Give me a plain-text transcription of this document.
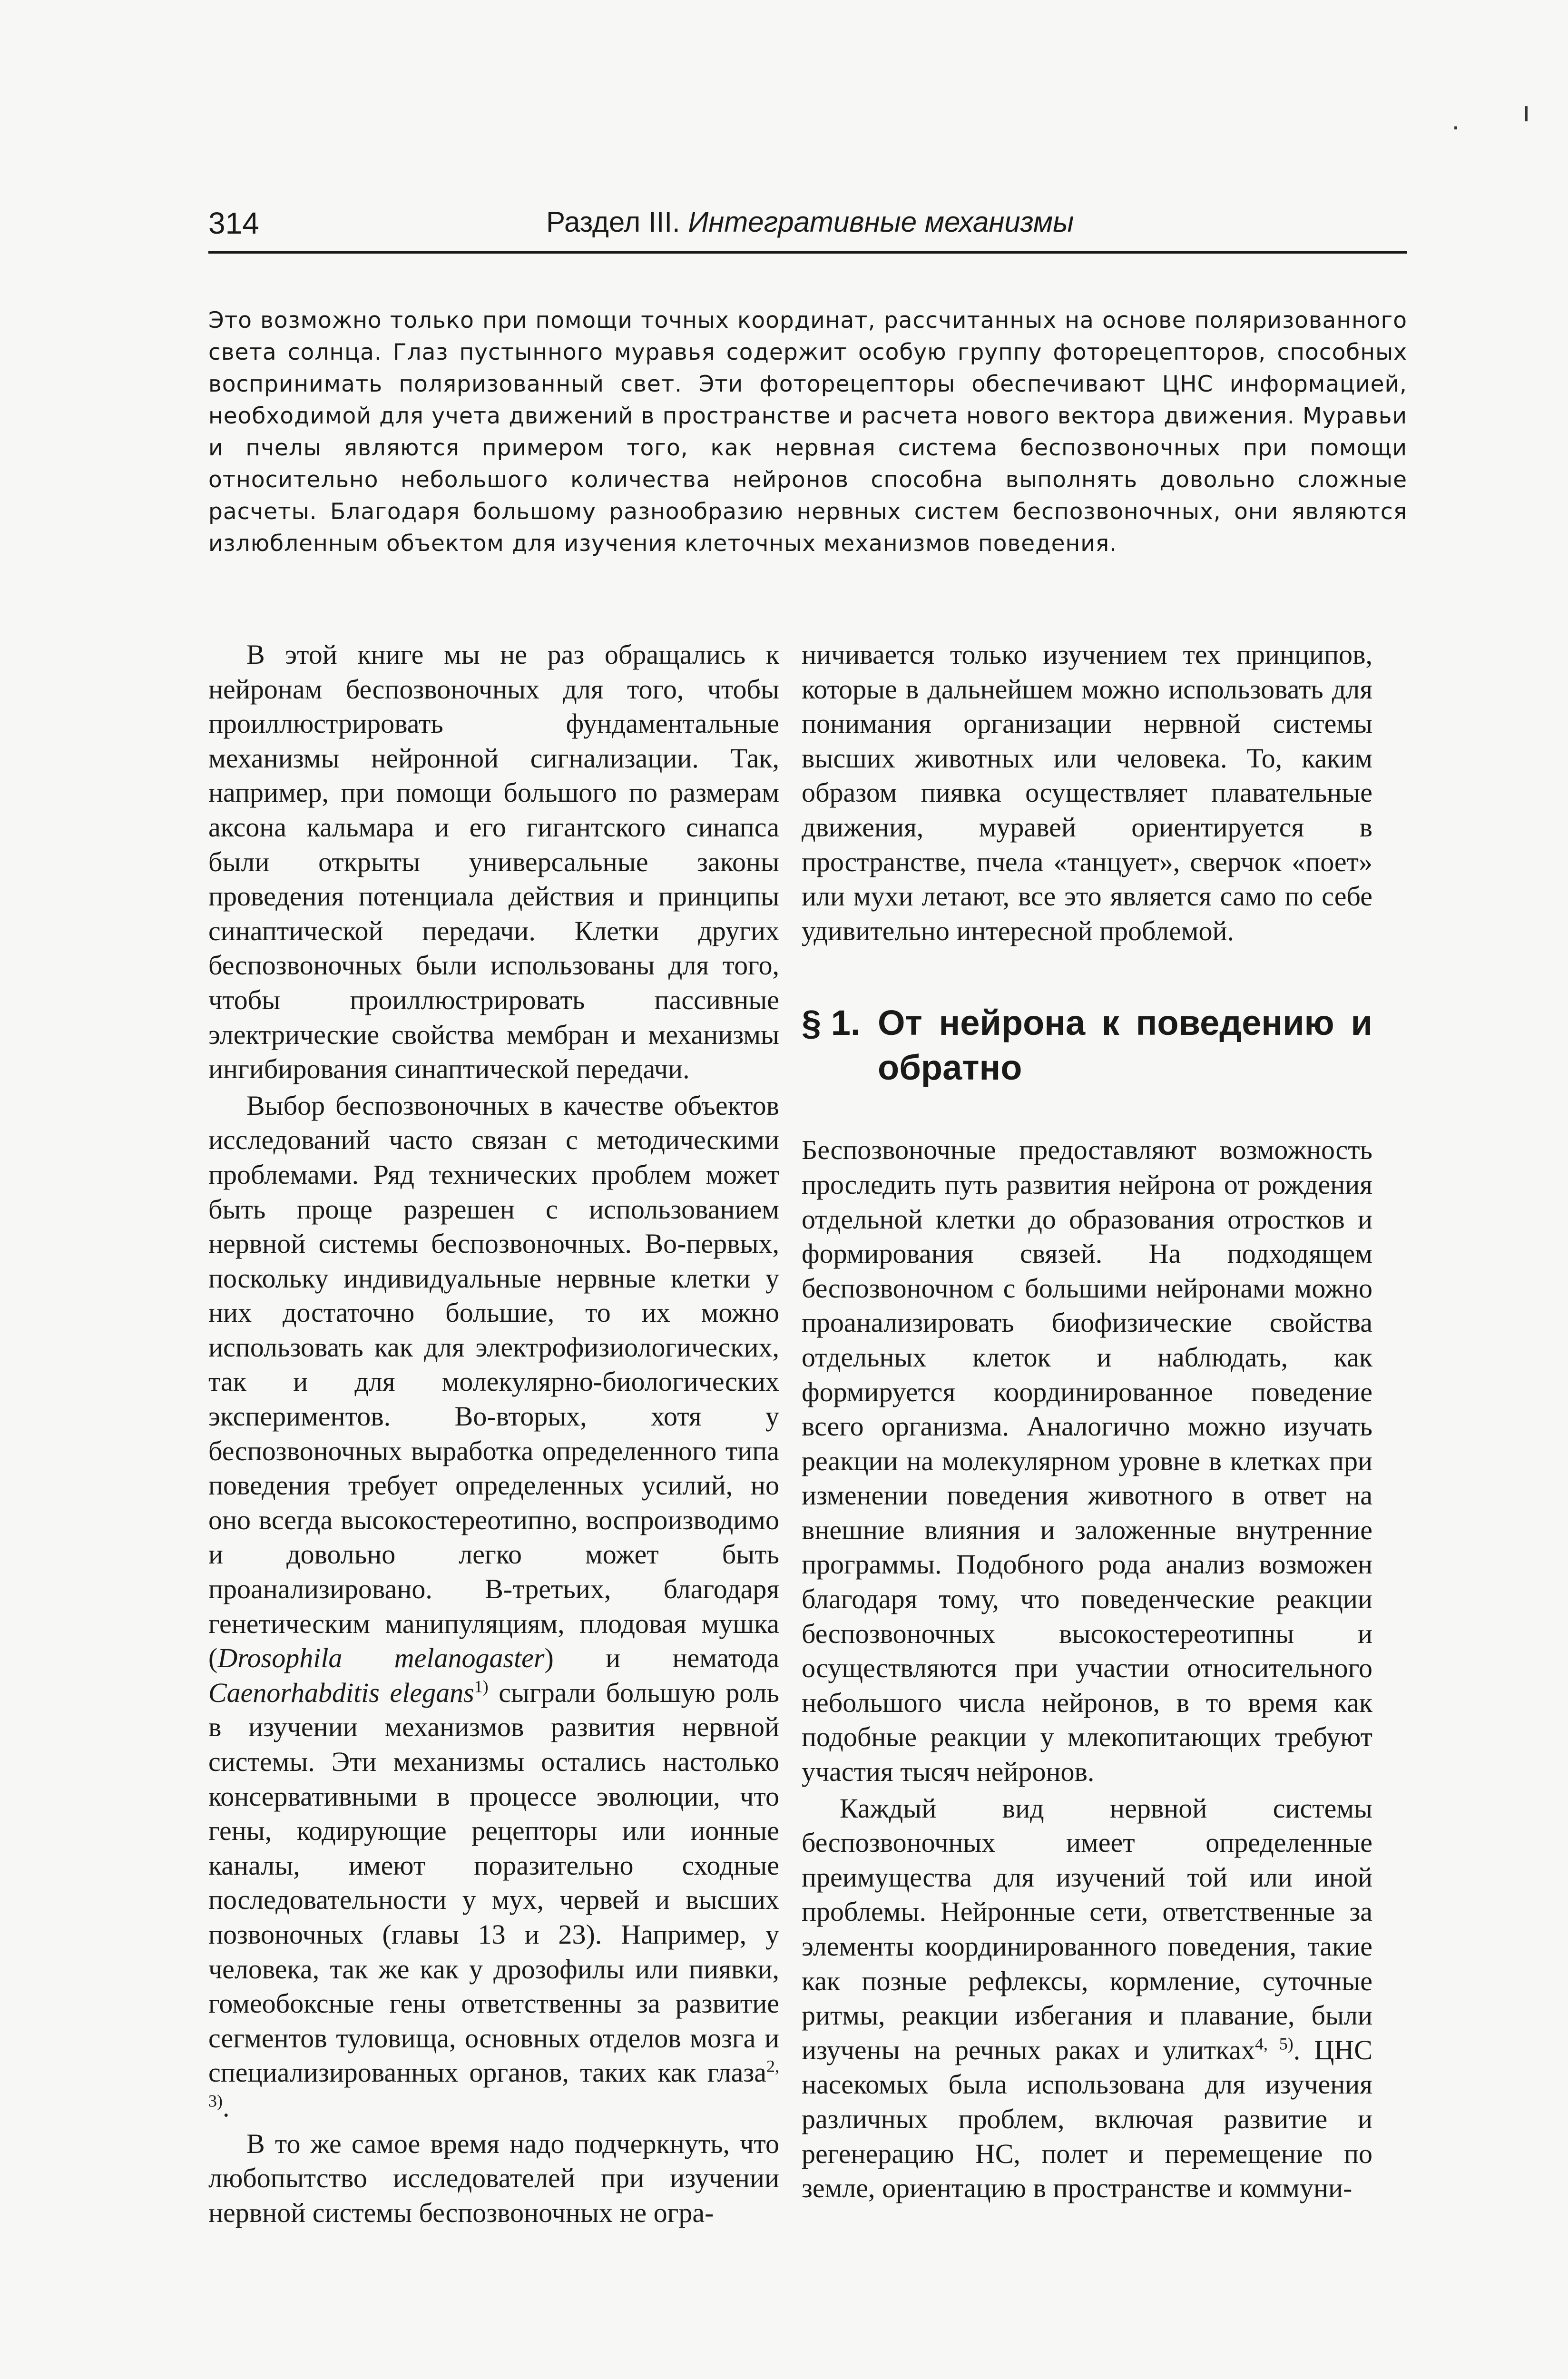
ı
·
314	Раздел III. Интегративные механизмы
Это возможно только при помощи точных координат, рассчитанных на основе поляризованного света солнца. Глаз пустынного муравья содержит особую группу фоторецепторов, способных воспринимать поляризованный свет. Эти фоторецепторы обеспечивают ЦНС информацией, необходимой для учета движений в пространстве и расчета нового вектора движения. Муравьи и пчелы являются примером того, как нервная система беспозвоночных при помощи относительно небольшого количества нейронов способна выполнять довольно сложные расчеты. Благодаря большому разнообразию нервных систем беспозвоночных, они являются излюбленным объектом для изучения клеточных механизмов поведения.

В этой книге мы не раз обращались к нейронам беспозвоночных для того, чтобы проиллюстрировать фундаментальные механизмы нейронной сигнализации. Так, например, при помощи большого по размерам аксона кальмара и его гигантского синапса были открыты универсальные законы проведения потенциала действия и принципы синаптической передачи. Клетки других беспозвоночных были использованы для того, чтобы проиллюстрировать пассивные электрические свойства мембран и механизмы ингибирования синаптической передачи.

Выбор беспозвоночных в качестве объектов исследований часто связан с методическими проблемами. Ряд технических проблем может быть проще разрешен с использованием нервной системы беспозвоночных. Во-первых, поскольку индивидуальные нервные клетки у них достаточно большие, то их можно использовать как для электрофизиологических, так и для молекулярно-биологических экспериментов. Во-вторых, хотя у беспозвоночных выработка определенного типа поведения требует определенных усилий, но оно всегда высокостереотипно, воспроизводимо и довольно легко может быть проанализировано. В-третьих, благодаря генетическим манипуляциям, плодовая мушка (Drosophila melanogaster) и нематода Caenorhabditis elegans$^{1)}$ сыграли большую роль в изучении механизмов развития нервной системы. Эти механизмы остались настолько консервативными в процессе эволюции, что гены, кодирующие рецепторы или ионные каналы, имеют поразительно сходные последовательности у мух, червей и высших позвоночных (главы 13 и 23). Например, у человека, так же как у дрозофилы или пиявки, гомеобоксные гены ответственны за развитие сегментов туловища, основных отделов мозга и специализированных органов, таких как глаза$^{2, 3)}$.

В то же самое время надо подчеркнуть, что любопытство исследователей при изучении нервной системы беспозвоночных не огра-

ничивается только изучением тех принципов, которые в дальнейшем можно использовать для понимания организации нервной системы высших животных или человека. То, каким образом пиявка осуществляет плавательные движения, муравей ориентируется в пространстве, пчела «танцует», сверчок «поет» или мухи летают, все это является само по себе удивительно интересной проблемой.

§ 1. От нейрона к поведению и обратно

Беспозвоночные предоставляют возможность проследить путь развития нейрона от рождения отдельной клетки до образования отростков и формирования связей. На подходящем беспозвоночном с большими нейронами можно проанализировать биофизические свойства отдельных клеток и наблюдать, как формируется координированное поведение всего организма. Аналогично можно изучать реакции на молекулярном уровне в клетках при изменении поведения животного в ответ на внешние влияния и заложенные внутренние программы. Подобного рода анализ возможен благодаря тому, что поведенческие реакции беспозвоночных высокостереотипны и осуществляются при участии относительного небольшого числа нейронов, в то время как подобные реакции у млекопитающих требуют участия тысяч нейронов.

Каждый вид нервной системы беспозвоночных имеет определенные преимущества для изучений той или иной проблемы. Нейронные сети, ответственные за элементы координированного поведения, такие как позные рефлексы, кормление, суточные ритмы, реакции избегания и плавание, были изучены на речных раках и улитках$^{4, 5)}$. ЦНС насекомых была использована для изучения различных проблем, включая развитие и регенерацию НС, полет и перемещение по земле, ориентацию в пространстве и коммуни-
